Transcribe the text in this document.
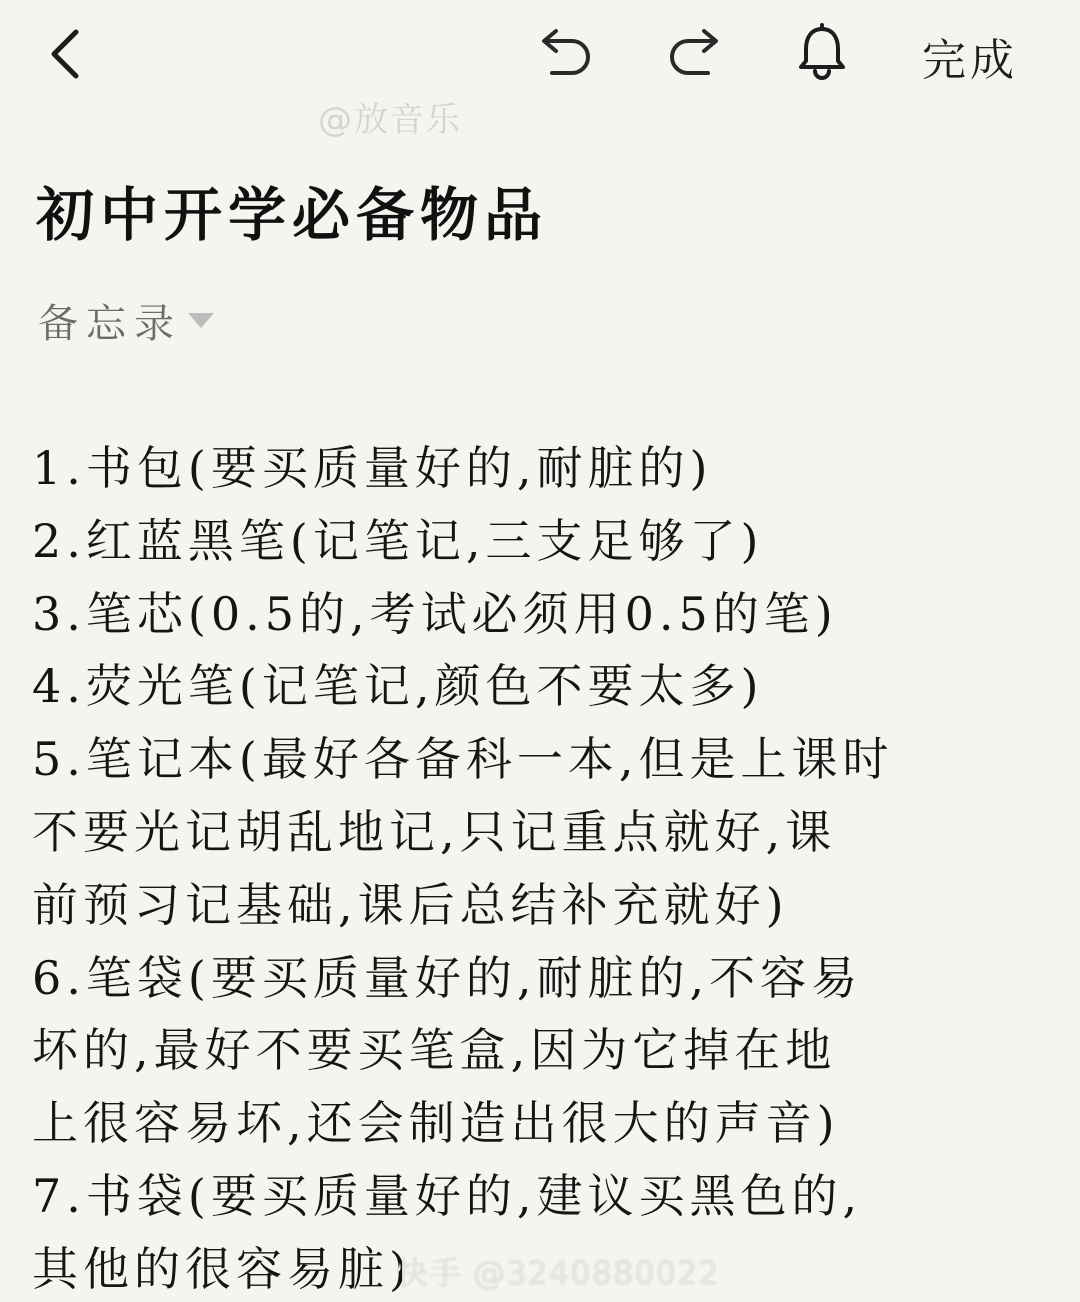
完成
@放音乐
初中开学必备物品
备忘录
1.书包(要买质量好的,耐脏的)
2.红蓝黑笔(记笔记,三支足够了)
3.笔芯(0.5的,考试必须用0.5的笔)
4.荧光笔(记笔记,颜色不要太多)
5.笔记本(最好各备科一本,但是上课时
不要光记胡乱地记,只记重点就好,课
前预习记基础,课后总结补充就好)
6.笔袋(要买质量好的,耐脏的,不容易
坏的,最好不要买笔盒,因为它掉在地
上很容易坏,还会制造出很大的声音)
7.书袋(要买质量好的,建议买黑色的,
其他的很容易脏)
快手 @3240880022
